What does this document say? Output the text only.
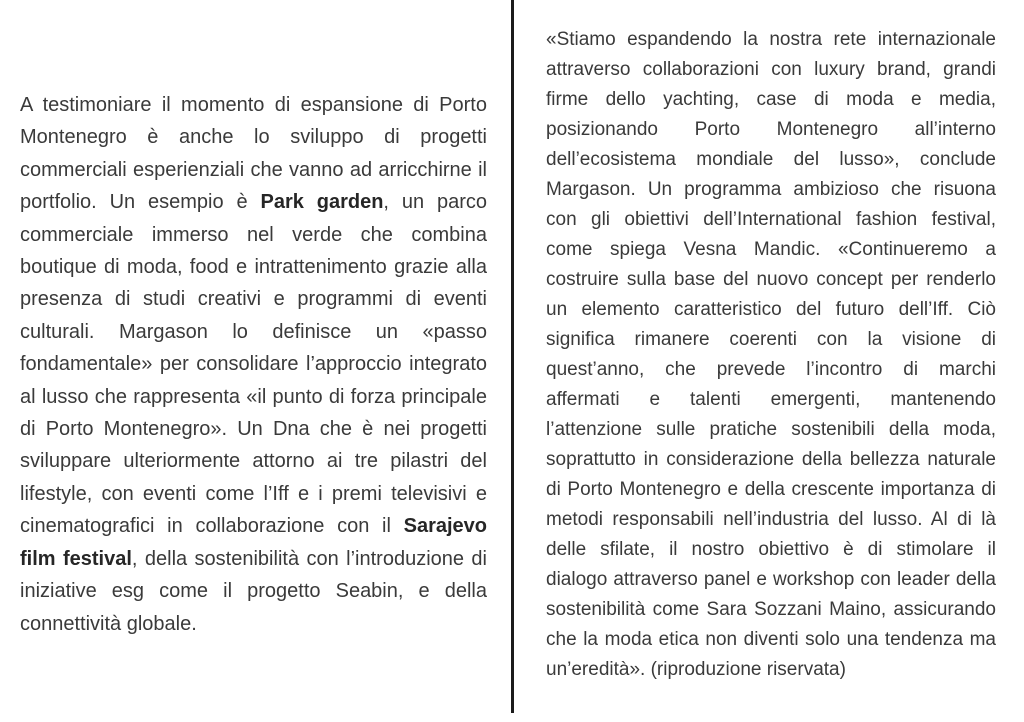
A testimoniare il momento di espansione di Porto
Montenegro è anche lo sviluppo di progetti
commerciali esperienziali che vanno ad arricchirne il
portfolio. Un esempio è Park garden, un parco
commerciale immerso nel verde che combina
boutique di moda, food e intrattenimento grazie alla
presenza di studi creativi e programmi di eventi
culturali. Margason lo definisce un «passo
fondamentale» per consolidare l’approccio integrato
al lusso che rappresenta «il punto di forza principale
di Porto Montenegro». Un Dna che è nei progetti
sviluppare ulteriormente attorno ai tre pilastri del
lifestyle, con eventi come l’Iff e i premi televisivi e
cinematografici in collaborazione con il Sarajevo
film festival, della sostenibilità con l’introduzione di
iniziative esg come il progetto Seabin, e della
connettività globale.
«Stiamo espandendo la nostra rete internazionale
attraverso collaborazioni con luxury brand, grandi
firme dello yachting, case di moda e media,
posizionando Porto Montenegro all’interno
dell’ecosistema mondiale del lusso», conclude
Margason. Un programma ambizioso che risuona
con gli obiettivi dell’International fashion festival,
come spiega Vesna Mandic. «Continueremo a
costruire sulla base del nuovo concept per renderlo
un elemento caratteristico del futuro dell’Iff. Ciò
significa rimanere coerenti con la visione di
quest’anno, che prevede l’incontro di marchi
affermati e talenti emergenti, mantenendo
l’attenzione sulle pratiche sostenibili della moda,
soprattutto in considerazione della bellezza naturale
di Porto Montenegro e della crescente importanza di
metodi responsabili nell’industria del lusso. Al di là
delle sfilate, il nostro obiettivo è di stimolare il
dialogo attraverso panel e workshop con leader della
sostenibilità come Sara Sozzani Maino, assicurando
che la moda etica non diventi solo una tendenza ma
un’eredità». (riproduzione riservata)
